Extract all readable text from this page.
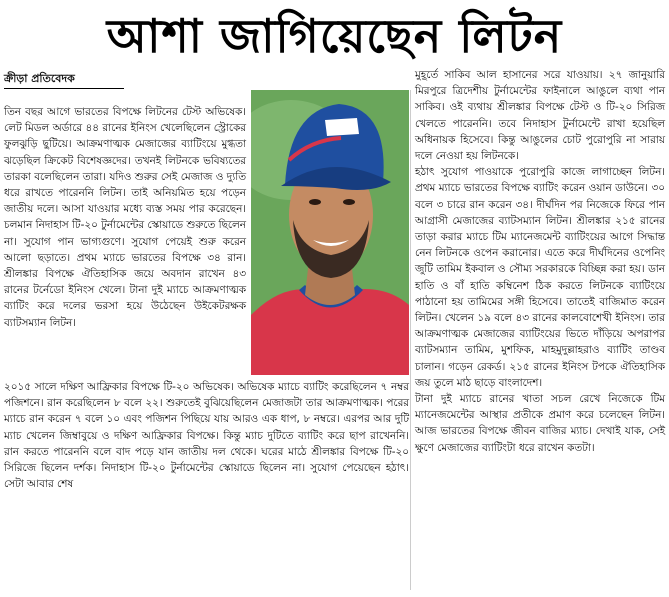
আশা জাগিয়েছেন লিটন
ক্রীড়া প্রতিবেদক

তিন বছর আগে ভারতের বিপক্ষে লিটনের টেস্ট অভিষেক। লেট মিডল অর্ডারে ৪৪ রানের ইনিংস খেলেছিলেন স্ট্রোকের ফুলঝুড়ি ছুটিয়ে। আক্রমণাত্মক মেজাজের ব্যাটিংয়ে মুগ্ধতা ঝড়েছিল ক্রিকেট বিশেষজ্ঞদের। তখনই লিটনকে ভবিষ্যতের তারকা বলেছিলেন তারা। যদিও শুরুর সেই মেজাজ ও দ্যুতি ধরে রাখতে পারেননি লিটন। তাই অনিয়মিত হয়ে পড়েন জাতীয় দলে। আসা যাওয়ার মধ্যে ব্যস্ত সময় পার করেছেন। চলমান নিদাহাস টি-২০ টুর্নামেন্টের স্কোয়াডে শুরুতে ছিলেন না। সুযোগ পান ভাগ্যগুণে। সুযোগ পেয়েই শুরু করেন আলো ছড়াতে। প্রথম ম্যাচে ভারতের বিপক্ষে ৩৪ রান। শ্রীলঙ্কার বিপক্ষে ঐতিহাসিক জয়ে অবদান রাখেন ৪৩ রানের টর্নেডো ইনিংস খেলে। টানা দুই ম্যাচে আক্রমণাত্মক ব্যাটিং করে দলের ভরসা হয়ে উঠেছেন উইকেটরক্ষক ব্যাটসম্যান লিটন।

২০১৫ সালে দক্ষিণ আফ্রিকার বিপক্ষে টি-২০ অভিষেক। অভিষেক ম্যাচে ব্যাটিং করেছিলেন ৭ নম্বর পজিশনে। রান করেছিলেন ৮ বলে ২২। শুরুতেই বুঝিয়েছিলেন মেজাজটা তার আক্রমণাত্মক। পরের ম্যাচে রান করেন ৭ বলে ১০ এবং পজিশন পিছিয়ে যায় আরও এক ধাপ, ৮ নম্বরে। এরপর আর দুটি ম্যাচ খেলেন জিম্বাবুয়ে ও দক্ষিণ আফ্রিকার বিপক্ষে। কিন্তু ম্যাচ দুটিতে ব্যাটিং করে ছাপ রাখেননি। রান করতে পারেননি বলে বাদ পড়ে যান জাতীয় দল থেকে। ঘরের মাঠে শ্রীলঙ্কার বিপক্ষে টি-২০ সিরিজে ছিলেন দর্শক। নিদাহাস টি-২০ টুর্নামেন্টের স্কোয়াডে ছিলেন না। সুযোগ পেয়েছেন হঠাৎ। সেটা আবার শেষ

মুহূর্তে সাকিব আল হাসানের সরে যাওয়ায়। ২৭ জানুয়ারি মিরপুরে ত্রিদেশীয় টুর্নামেন্টের ফাইনালে আঙুলে ব্যথা পান সাকিব। ওই ব্যথায় শ্রীলঙ্কার বিপক্ষে টেস্ট ও টি-২০ সিরিজ খেলতে পারেননি। তবে নিদাহাস টুর্নামেন্টে রাখা হয়েছিল অধিনায়ক হিসেবে। কিন্তু আঙুলের চোট পুরোপুরি না সারায় দলে নেওয়া হয় লিটনকে।

হঠাৎ সুযোগ পাওয়াকে পুরোপুরি কাজে লাগাচ্ছেন লিটন। প্রথম ম্যাচে ভারতের বিপক্ষে ব্যাটিং করেন ওয়ান ডাউনে। ৩০ বলে ৩ চারে রান করেন ৩৪। দীর্ঘদিন পর নিজেকে ফিরে পান আগ্রাসী মেজাজের ব্যাটসম্যান লিটন। শ্রীলঙ্কার ২১৫ রানের তাড়া করার ম্যাচে টিম ম্যানেজমেন্ট ব্যাটিংয়ের আগে সিদ্ধান্ত নেন লিটনকে ওপেন করানোর। এতে করে দীর্ঘদিনের ওপেনিং জুটি তামিম ইকবাল ও সৌম্য সরকারকে বিচ্ছিন্ন করা হয়। ডান হাতি ও বাঁ হাতি কম্বিনেশ ঠিক করতে লিটনকে ব্যাটিংয়ে পাঠানো হয় তামিমের সঙ্গী হিসেবে। তাতেই বাজিমাত করেন লিটন। খেলেন ১৯ বলে ৪৩ রানের কালবোশেখী ইনিংস। তার আক্রমণাত্মক মেজাজের ব্যাটিংয়ের ভিতে দাঁড়িয়ে অপরাপর ব্যাটসম্যান তামিম, মুশফিক, মাহমুদুল্লাহরাও ব্যাটিং তাণ্ডব চালান। গড়েন রেকর্ড। ২১৫ রানের ইনিংস টপকে ঐতিহাসিক জয় তুলে মাঠ ছাড়ে বাংলাদেশ।

টানা দুই ম্যাচে রানের খাতা সচল রেখে নিজেকে টিম ম্যানেজমেন্টের আস্থার প্রতীকে প্রমাণ করে চলেছেন লিটন। আজ ভারতের বিপক্ষে জীবন বাজির ম্যাচ। দেখাই যাক, সেই ক্ষুণে মেজাজের ব্যাটিংটা ধরে রাখেন কতটা।
